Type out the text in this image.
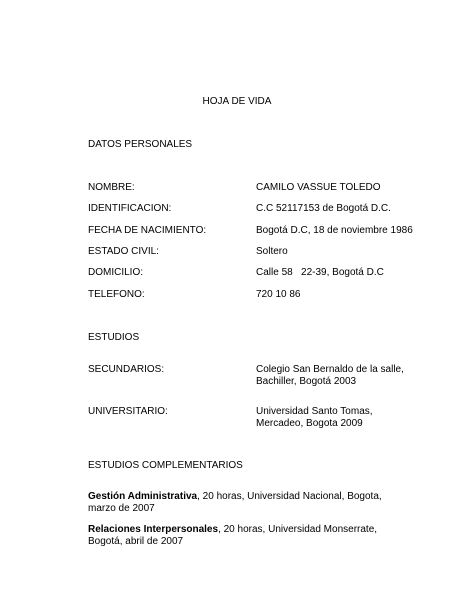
HOJA DE VIDA
DATOS PERSONALES
NOMBRE:	CAMILO VASSUE TOLEDO
IDENTIFICACION:	C.C 52117153 de Bogotá D.C.
FECHA DE NACIMIENTO:	Bogotá D.C, 18 de noviembre 1986
ESTADO CIVIL:	Soltero
DOMICILIO:	Calle 58   22-39, Bogotá D.C
TELEFONO:	720 10 86
ESTUDIOS
SECUNDARIOS:	Colegio San Bernaldo de la salle,
Bachiller, Bogotá 2003
UNIVERSITARIO:	Universidad Santo Tomas,
Mercadeo, Bogota 2009
ESTUDIOS COMPLEMENTARIOS
Gestión Administrativa, 20 horas, Universidad Nacional, Bogota, marzo de 2007
Relaciones Interpersonales, 20 horas, Universidad Monserrate, Bogotá, abril de 2007
